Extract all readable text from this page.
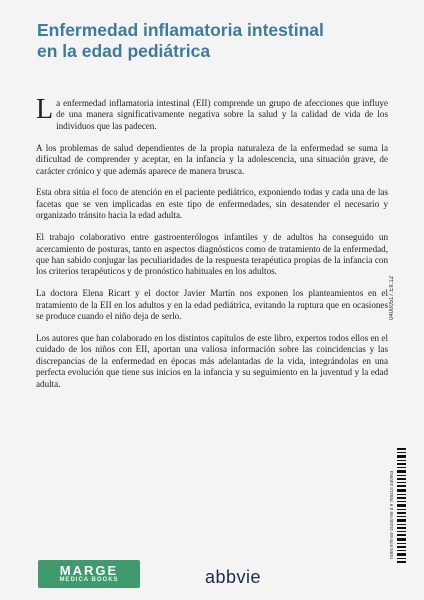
Enfermedad inflamatoria intestinal
en la edad pediátrica

La enfermedad inflamatoria intestinal (EII) comprende un grupo de afecciones que influye de una manera significativamente negativa sobre la salud y la calidad de vida de los individuos que las padecen.

A los problemas de salud dependientes de la propia naturaleza de la enfermedad se suma la dificultad de comprender y aceptar, en la infancia y la adolescencia, una situación grave, de carácter crónico y que además aparece de manera brusca.

Esta obra sitúa el foco de atención en el paciente pediátrico, exponiendo todas y cada una de las facetas que se ven implicadas en este tipo de enfermedades, sin desatender el necesario y organizado tránsito hacia la edad adulta.

El trabajo colaborativo entre gastroenterólogos infantiles y de adultos ha conseguido un acercamiento de posturas, tanto en aspectos diagnósticos como de tratamiento de la enfermedad, que han sabido conjugar las peculiaridades de la respuesta terapéutica propias de la infancia con los criterios terapéuticos y de pronóstico habituales en los adultos.

La doctora Elena Ricart y el doctor Javier Martín nos exponen los planteamientos en el tratamiento de la EII en los adultos y en la edad pediátrica, evitando la ruptura que en ocasiones se produce cuando el niño deja de serlo.

Los autores que han colaborado en los distintos capítulos de este libro, expertos todos ellos en el cuidado de los niños con EII, aportan una valiosa información sobre las coincidencias y las discrepancias de la enfermedad en épocas más adelantadas de la vida, integrándolas en una perfecta evolución que tiene sus inicios en la infancia y su seguimiento en la juventud y la edad adulta.

04000517.EII.12
ISBN 978-84-15340-95-3 9 788415 340953
MARGE
MEDICA BOOKS	abbvie
